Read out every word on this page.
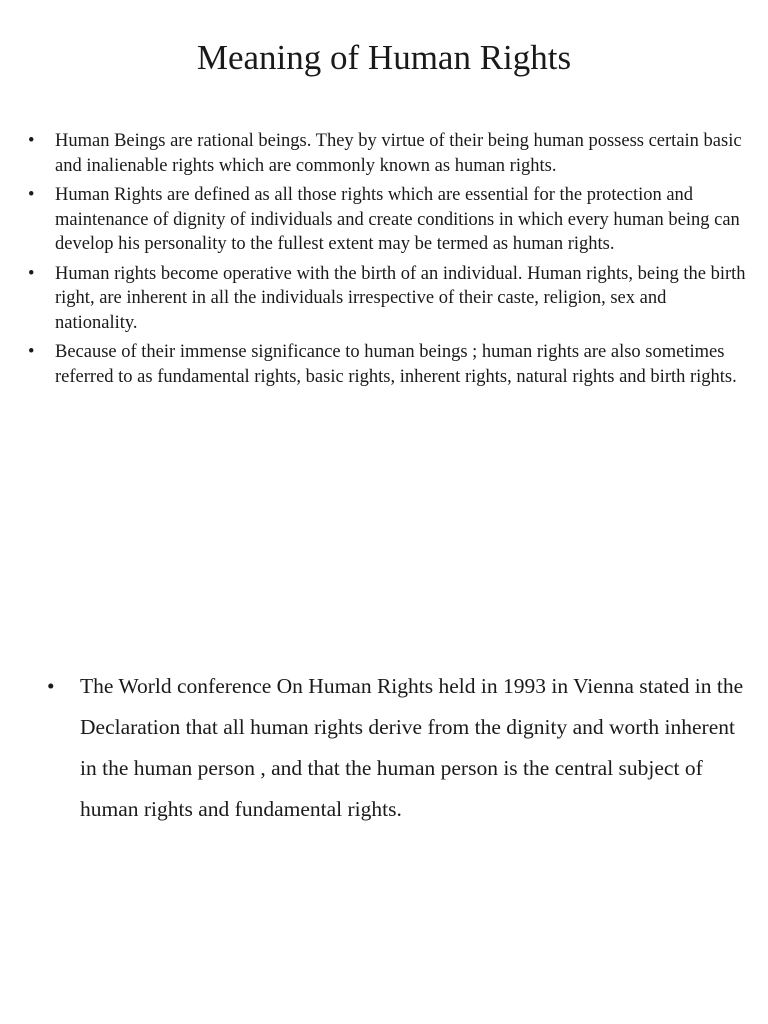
Meaning of Human Rights
• Human Beings are rational beings. They by virtue of their being human possess certain basic and inalienable rights which are commonly known as human rights.
• Human Rights are defined as all those rights which are essential for the protection and maintenance of dignity of individuals and create conditions in which every human being can develop his personality to the fullest extent may be termed as human rights.
• Human rights become operative with the birth of an individual. Human rights, being the birth right, are inherent in all the individuals irrespective of their caste, religion, sex and nationality.
• Because of their immense significance to human beings ; human rights are also sometimes referred to as fundamental rights, basic rights, inherent rights, natural rights and birth rights.
• The World conference On Human Rights held in 1993 in Vienna stated in the Declaration that all human rights derive from the dignity and worth inherent in the human person , and that the human person is the central subject of human rights and fundamental rights.
